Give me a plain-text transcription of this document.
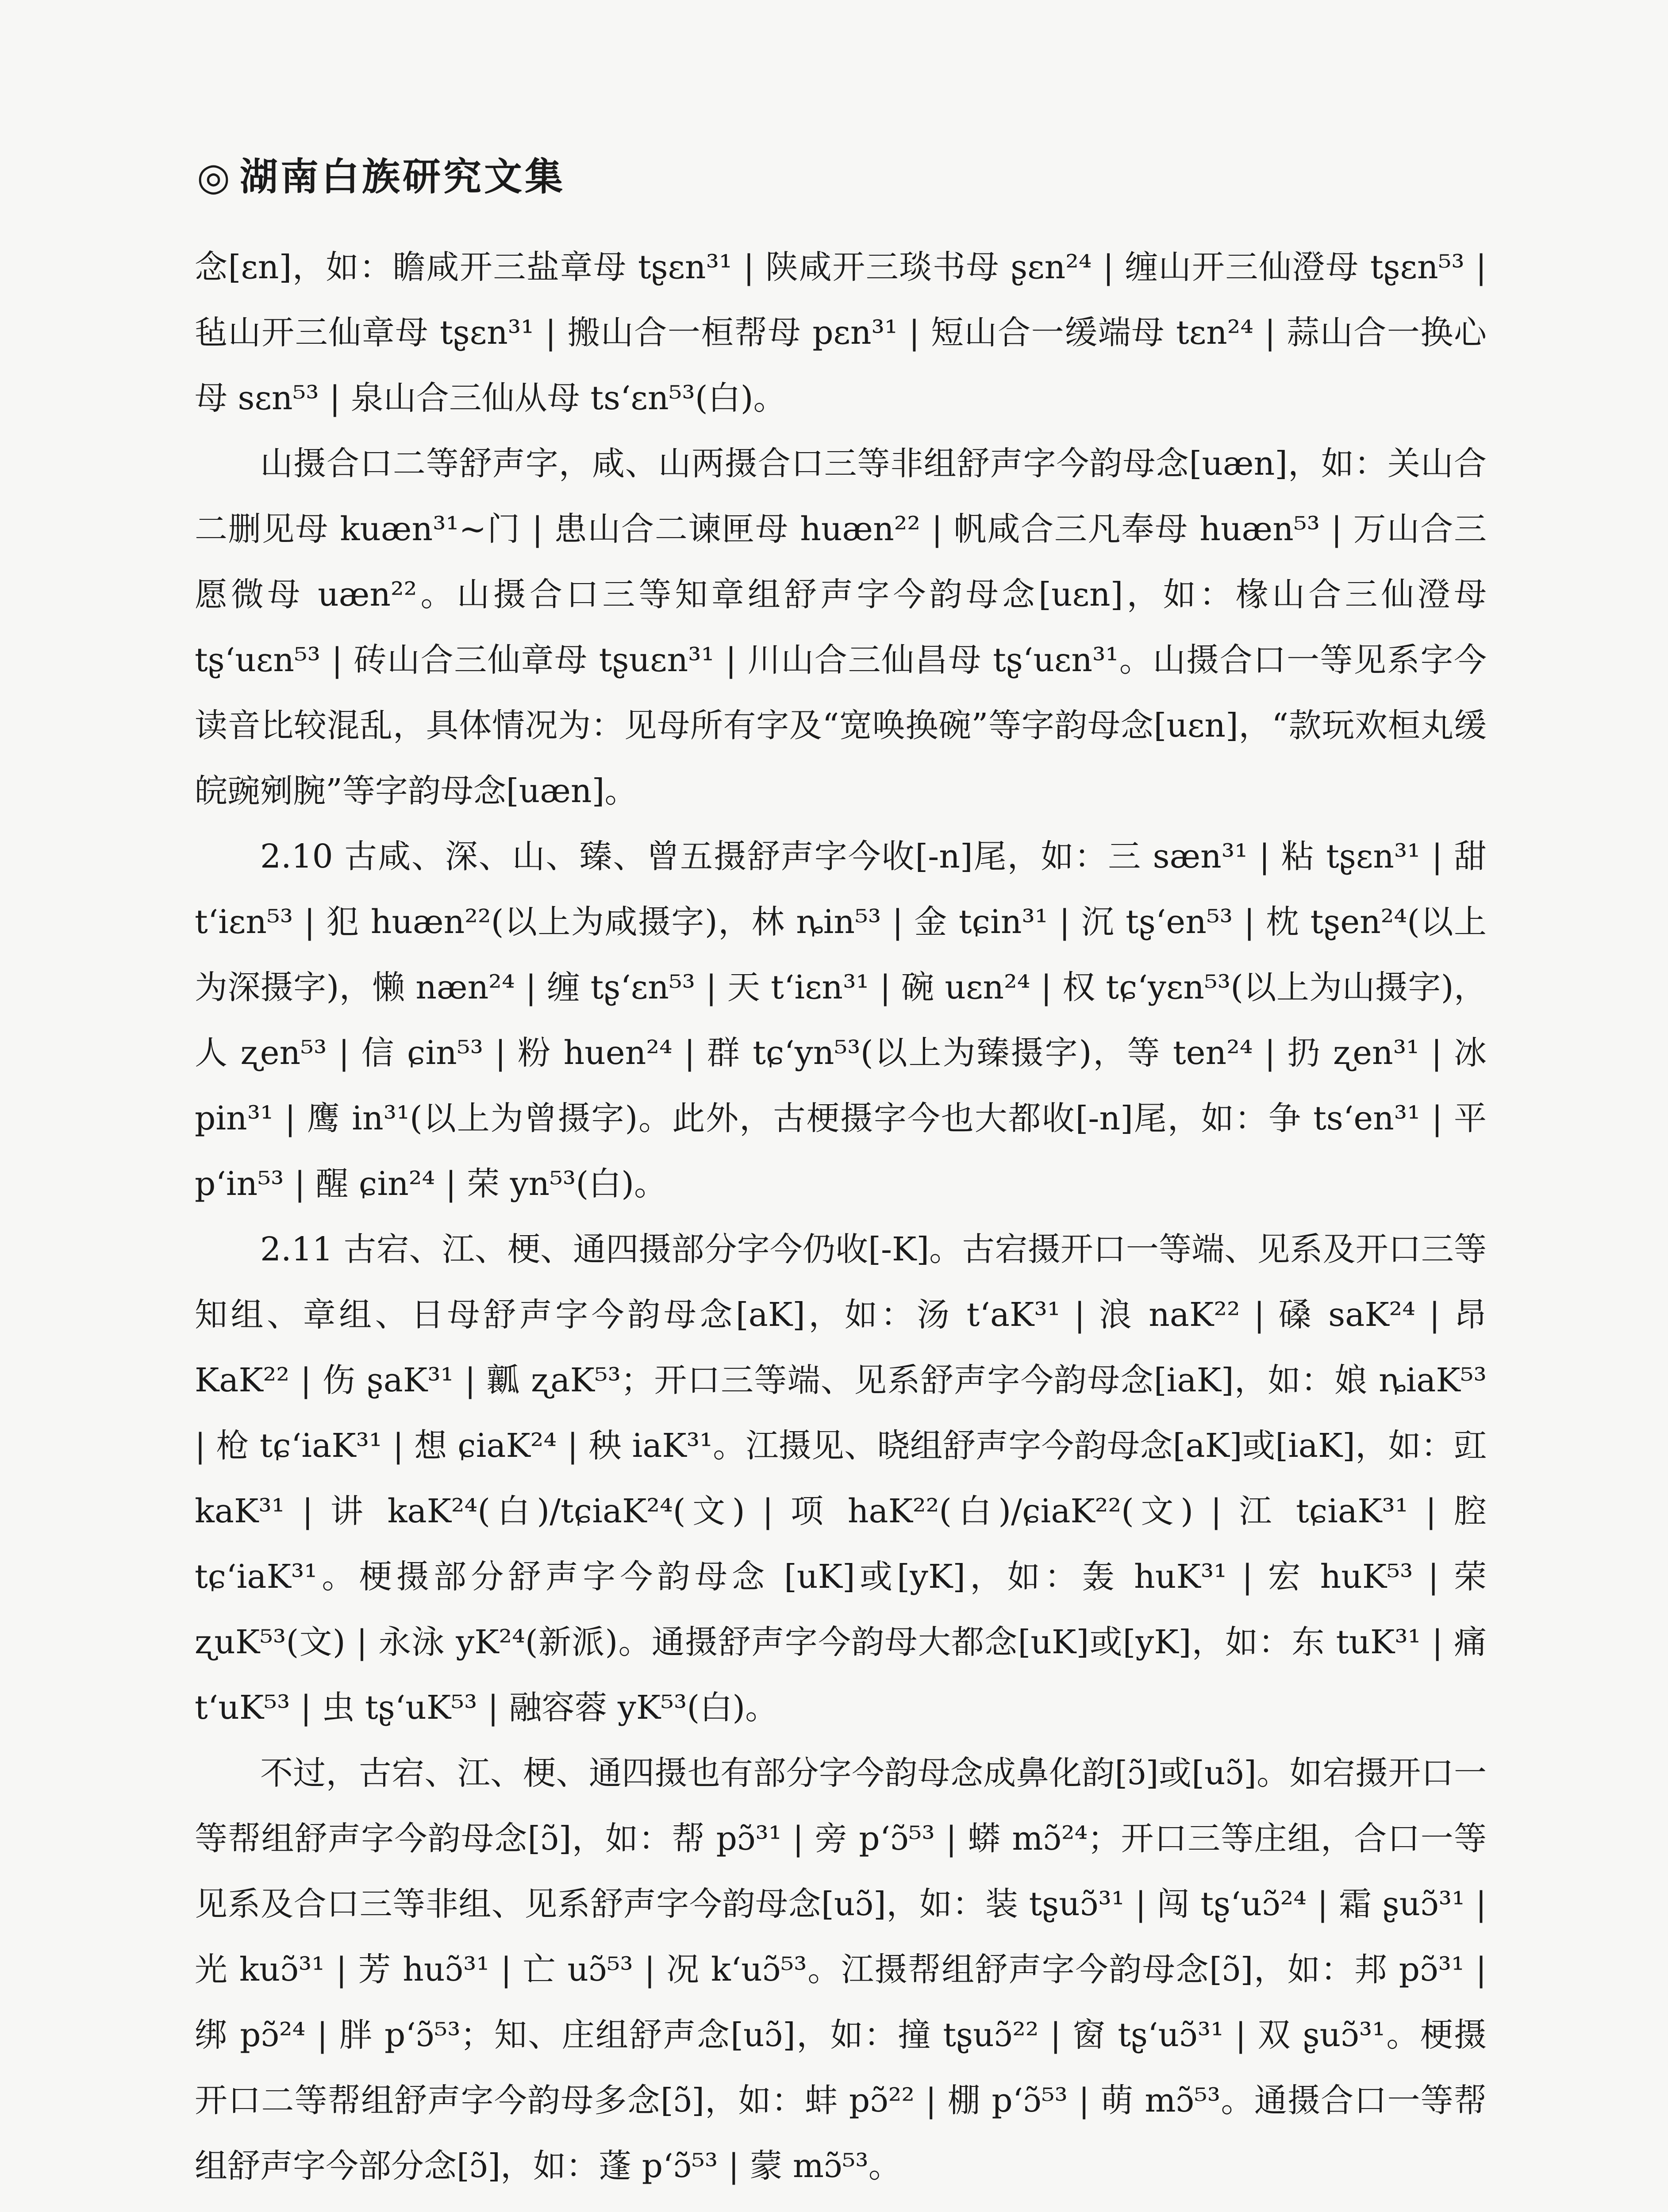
◎ 湖南白族研究文集

念[ɛn]，如：瞻咸开三盐章母 tʂɛn³¹ | 陕咸开三琰书母 ʂɛn²⁴ | 缠山开三仙澄母 tʂɛn⁵³ | 毡山开三仙章母 tʂɛn³¹ | 搬山合一桓帮母 pɛn³¹ | 短山合一缓端母 tɛn²⁴ | 蒜山合一换心母 sɛn⁵³ | 泉山合三仙从母 tsʻɛn⁵³(白)。

山摄合口二等舒声字，咸、山两摄合口三等非组舒声字今韵母念[uæn]，如：关山合二删见母 kuæn³¹~门 | 患山合二谏匣母 huæn²² | 帆咸合三凡奉母 huæn⁵³ | 万山合三愿微母 uæn²²。山摄合口三等知章组舒声字今韵母念[uɛn]，如：椽山合三仙澄母 tʂʻuɛn⁵³ | 砖山合三仙章母 tʂuɛn³¹ | 川山合三仙昌母 tʂʻuɛn³¹。山摄合口一等见系字今读音比较混乱，具体情况为：见母所有字及“宽唤换碗”等字韵母念[uɛn]，“款玩欢桓丸缓皖豌剜腕”等字韵母念[uæn]。

2.10 古咸、深、山、臻、曾五摄舒声字今收[-n]尾，如：三 sæn³¹ | 粘 tʂɛn³¹ | 甜 tʻiɛn⁵³ | 犯 huæn²²(以上为咸摄字)，林 ȵin⁵³ | 金 tɕin³¹ | 沉 tʂʻen⁵³ | 枕 tʂen²⁴(以上为深摄字)，懒 næn²⁴ | 缠 tʂʻɛn⁵³ | 天 tʻiɛn³¹ | 碗 uɛn²⁴ | 权 tɕʻyɛn⁵³(以上为山摄字)，人 ʐen⁵³ | 信 ɕin⁵³ | 粉 huen²⁴ | 群 tɕʻyn⁵³(以上为臻摄字)，等 ten²⁴ | 扔 ʐen³¹ | 冰 pin³¹ | 鹰 in³¹(以上为曾摄字)。此外，古梗摄字今也大都收[-n]尾，如：争 tsʻen³¹ | 平 pʻin⁵³ | 醒 ɕin²⁴ | 荣 yn⁵³(白)。

2.11 古宕、江、梗、通四摄部分字今仍收[-K]。古宕摄开口一等端、见系及开口三等知组、章组、日母舒声字今韵母念[aK]，如：汤 tʻaK³¹ | 浪 naK²² | 磉 saK²⁴ | 昂 KaK²² | 伤 ʂaK³¹ | 瓤 ʐaK⁵³；开口三等端、见系舒声字今韵母念[iaK]，如：娘 ȵiaK⁵³ | 枪 tɕʻiaK³¹ | 想 ɕiaK²⁴ | 秧 iaK³¹。江摄见、晓组舒声字今韵母念[aK]或[iaK]，如：豇 kaK³¹ | 讲 kaK²⁴(白)/tɕiaK²⁴(文) | 项 haK²²(白)/ɕiaK²²(文) | 江 tɕiaK³¹ | 腔 tɕʻiaK³¹。梗摄部分舒声字今韵母念 [uK]或[yK]，如：轰 huK³¹ | 宏 huK⁵³ | 荣 ʐuK⁵³(文) | 永泳 yK²⁴(新派)。通摄舒声字今韵母大都念[uK]或[yK]，如：东 tuK³¹ | 痛 tʻuK⁵³ | 虫 tʂʻuK⁵³ | 融容蓉 yK⁵³(白)。

不过，古宕、江、梗、通四摄也有部分字今韵母念成鼻化韵[ɔ̃]或[uɔ̃]。如宕摄开口一等帮组舒声字今韵母念[ɔ̃]，如：帮 pɔ̃³¹ | 旁 pʻɔ̃⁵³ | 蟒 mɔ̃²⁴；开口三等庄组，合口一等见系及合口三等非组、见系舒声字今韵母念[uɔ̃]，如：装 tʂuɔ̃³¹ | 闯 tʂʻuɔ̃²⁴ | 霜 ʂuɔ̃³¹ | 光 kuɔ̃³¹ | 芳 huɔ̃³¹ | 亡 uɔ̃⁵³ | 况 kʻuɔ̃⁵³。江摄帮组舒声字今韵母念[ɔ̃]，如：邦 pɔ̃³¹ | 绑 pɔ̃²⁴ | 胖 pʻɔ̃⁵³；知、庄组舒声念[uɔ̃]，如：撞 tʂuɔ̃²² | 窗 tʂʻuɔ̃³¹ | 双 ʂuɔ̃³¹。梗摄开口二等帮组舒声字今韵母多念[ɔ̃]，如：蚌 pɔ̃²² | 棚 pʻɔ̃⁵³ | 萌 mɔ̃⁵³。通摄合口一等帮组舒声字今部分念[ɔ̃]，如：蓬 pʻɔ̃⁵³ | 蒙 mɔ̃⁵³。
